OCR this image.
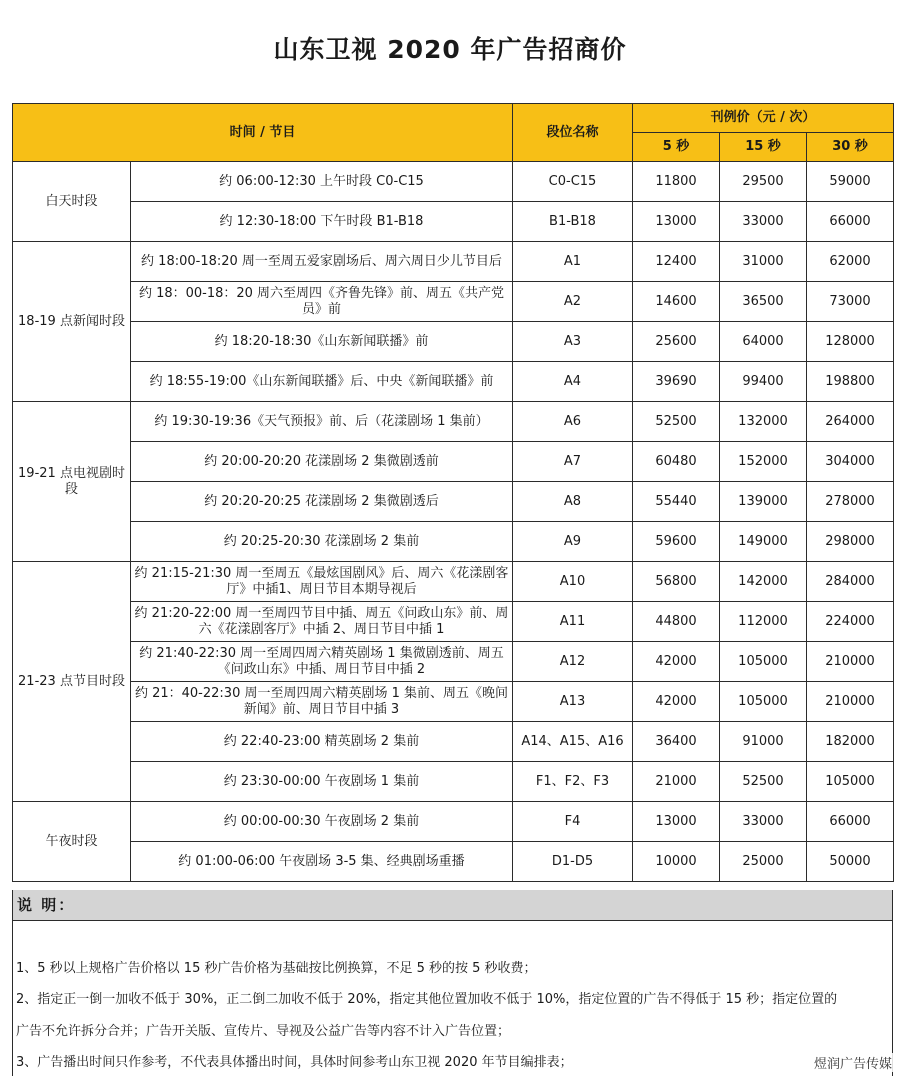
山东卫视 2020 年广告招商价
时间 / 节目		段位名称	刊例价（元 / 次）		
			5 秒	15 秒	30 秒
白天时段	约 06:00-12:30 上午时段 C0-C15	C0-C15	11800	29500	59000
	约 12:30-18:00 下午时段 B1-B18	B1-B18	13000	33000	66000
18-19 点新闻时段	约 18:00-18:20 周一至周五爱家剧场后、周六周日少儿节目后	A1	12400	31000	62000
	约 18：00-18：20 周六至周四《齐鲁先锋》前、周五《共产党员》前	A2	14600	36500	73000
	约 18:20-18:30《山东新闻联播》前	A3	25600	64000	128000
	约 18:55-19:00《山东新闻联播》后、中央《新闻联播》前	A4	39690	99400	198800
19-21 点电视剧时段	约 19:30-19:36《天气预报》前、后（花漾剧场 1 集前）	A6	52500	132000	264000
	约 20:00-20:20 花漾剧场 2 集微剧透前	A7	60480	152000	304000
	约 20:20-20:25 花漾剧场 2 集微剧透后	A8	55440	139000	278000
	约 20:25-20:30 花漾剧场 2 集前	A9	59600	149000	298000
21-23 点节目时段	约 21:15-21:30 周一至周五《最炫国剧风》后、周六《花漾剧客厅》中插1、周日节目本期导视后	A10	56800	142000	284000
	约 21:20-22:00 周一至周四节目中插、周五《问政山东》前、周六《花漾剧客厅》中插 2、周日节目中插 1	A11	44800	112000	224000
	约 21:40-22:30 周一至周四周六精英剧场 1 集微剧透前、周五《问政山东》中插、周日节目中插 2	A12	42000	105000	210000
	约 21：40-22:30 周一至周四周六精英剧场 1 集前、周五《晚间新闻》前、周日节目中插 3	A13	42000	105000	210000
	约 22:40-23:00 精英剧场 2 集前	A14、A15、A16	36400	91000	182000
	约 23:30-00:00 午夜剧场 1 集前	F1、F2、F3	21000	52500	105000
午夜时段	约 00:00-00:30 午夜剧场 2 集前	F4	13000	33000	66000
	约 01:00-06:00 午夜剧场 3-5 集、经典剧场重播	D1-D5	10000	25000	50000
说 明：
1、5 秒以上规格广告价格以 15 秒广告价格为基础按比例换算，不足 5 秒的按 5 秒收费；
2、指定正一倒一加收不低于 30%，正二倒二加收不低于 20%，指定其他位置加收不低于 10%，指定位置的广告不得低于 15 秒；指定位置的
广告不允许拆分合并；广告开关版、宣传片、导视及公益广告等内容不计入广告位置；
3、广告播出时间只作参考，不代表具体播出时间，具体时间参考山东卫视 2020 年节目编排表；	煜润广告传媒
